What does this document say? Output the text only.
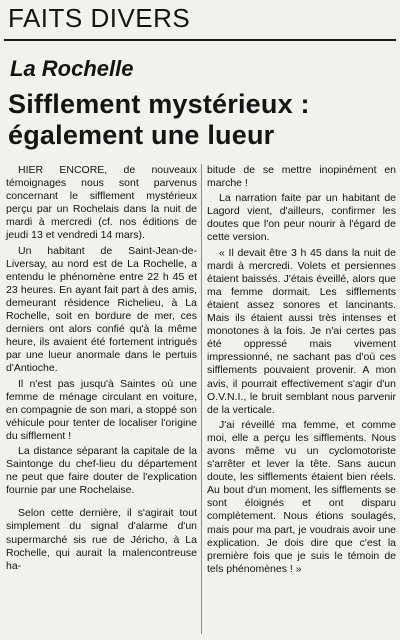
FAITS DIVERS
La Rochelle
Sifflement mystérieux :
également une lueur

HIER ENCORE, de nouveaux témoignages nous sont parvenus concernant le sifflement mystérieux perçu par un Rochelais dans la nuit de mardi à mercredi (cf. nos éditions de jeudi 13 et vendredi 14 mars).

Un habitant de Saint-Jean-de-Liversay, au nord est de La Rochelle, a entendu le phénomène entre 22 h 45 et 23 heures. En ayant fait part à des amis, demeurant résidence Richelieu, à La Rochelle, soit en bordure de mer, ces derniers ont alors confié qu'à la même heure, ils avaient été fortement intrigués par une lueur anormale dans le pertuis d'Antioche.

Il n'est pas jusqu'à Saintes où une femme de ménage circulant en voiture, en compagnie de son mari, a stoppé son véhicule pour tenter de localiser l'origine du sifflement !

La distance séparant la capitale de la Saintonge du chef-lieu du département ne peut que faire douter de l'explication fournie par une Rochelaise.

Selon cette dernière, il s'agirait tout simplement du signal d'alarme d'un supermarché sis rue de Jéricho, à La Rochelle, qui aurait la malencontreuse ha-

bitude de se mettre inopinément en marche !

La narration faite par un habitant de Lagord vient, d'ailleurs, confirmer les doutes que l'on peur nourir à l'égard de cette version.

« Il devait être 3 h 45 dans la nuit de mardi à mercredi. Volets et persiennes étaient baissés. J'étais éveillé, alors que ma femme dormait. Les sifflements étaient assez sonores et lancinants. Mais ils étaient aussi très intenses et monotones à la fois. Je n'ai certes pas été oppressé mais vivement impressionné, ne sachant pas d'où ces sifflements pouvaient provenir. A mon avis, il pourrait effectivement s'agir d'un O.V.N.I., le bruit semblant nous parvenir de la verticale.

J'ai réveillé ma femme, et comme moi, elle a perçu les sifflements. Nous avons même vu un cyclomotoriste s'arrêter et lever la tête. Sans aucun doute, les sifflements étaient bien réels. Au bout d'un moment, les sifflements se sont éloignés et ont disparu complètement. Nous étions soulagés, mais pour ma part, je voudrais avoir une explication. Je dois dire que c'est la première fois que je suis le témoin de tels phénomènes ! »
